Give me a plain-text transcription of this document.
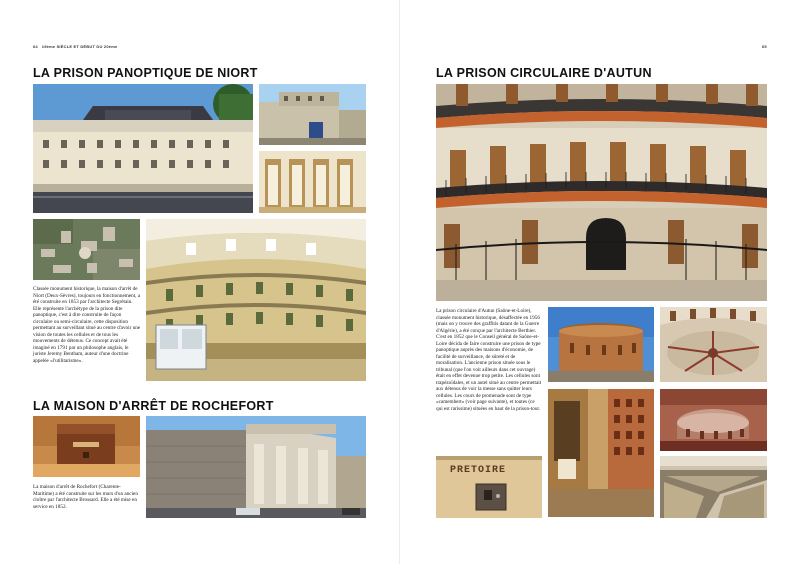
64 19ème SIÈCLE ET DÉBUT DU 20ème
LA PRISON PANOPTIQUE DE NIORT
Classée monument historique, la maison d'arrêt de Niort (Deux-Sèvres), toujours en fonctionnement, a été construite en 1853 par l'architecte Segrétain. Elle représente l'archétype de la prison dite panoptique, c'est à dire construite de façon circulaire ou semi-circulaire, cette disposition permettant au surveillant situé au centre d'avoir une vision de toutes les cellules et de tous les mouvements de détenus. Ce concept avait été imaginé en 1791 par un philosophe anglais, le juriste Jeremy Bentham, auteur d'une doctrine appelée «l'utilitarisme».
LA MAISON D'ARRÊT DE ROCHEFORT
La maison d'arrêt de Rochefort (Charente-Maritime) a été construite sur les murs d'un ancien cloître par l'architecte Brossard. Elle a été mise en service en 1852.
65
LA PRISON CIRCULAIRE D'AUTUN
La prison circulaire d'Autun (Saône-et-Loire), classée monument historique, désaffectée en 1956 (mais on y trouve des graffitis datant de la Guerre d'Algérie), a été conçue par l'architecte Berthier. C'est en 1852 que le Conseil général de Saône-et-Loire décida de faire construire une prison de type panoptique auprès des maisons d'économie, de facilité de surveillance, de sûreté et de moralisation. L'ancienne prison située sous le tribunal (que l'on voit ailleurs dans cet ouvrage) était en effet devenue trop petite. Les cellules sont trapézoïdales, et un autel situé au centre permettait aux détenus de voir la messe sans quitter leurs cellules. Les cours de promenade sont de type «camembert» (voir page suivante), et toutes (ce qui est rarissime) situées en haut de la prison-tour.
PRETOIRE
